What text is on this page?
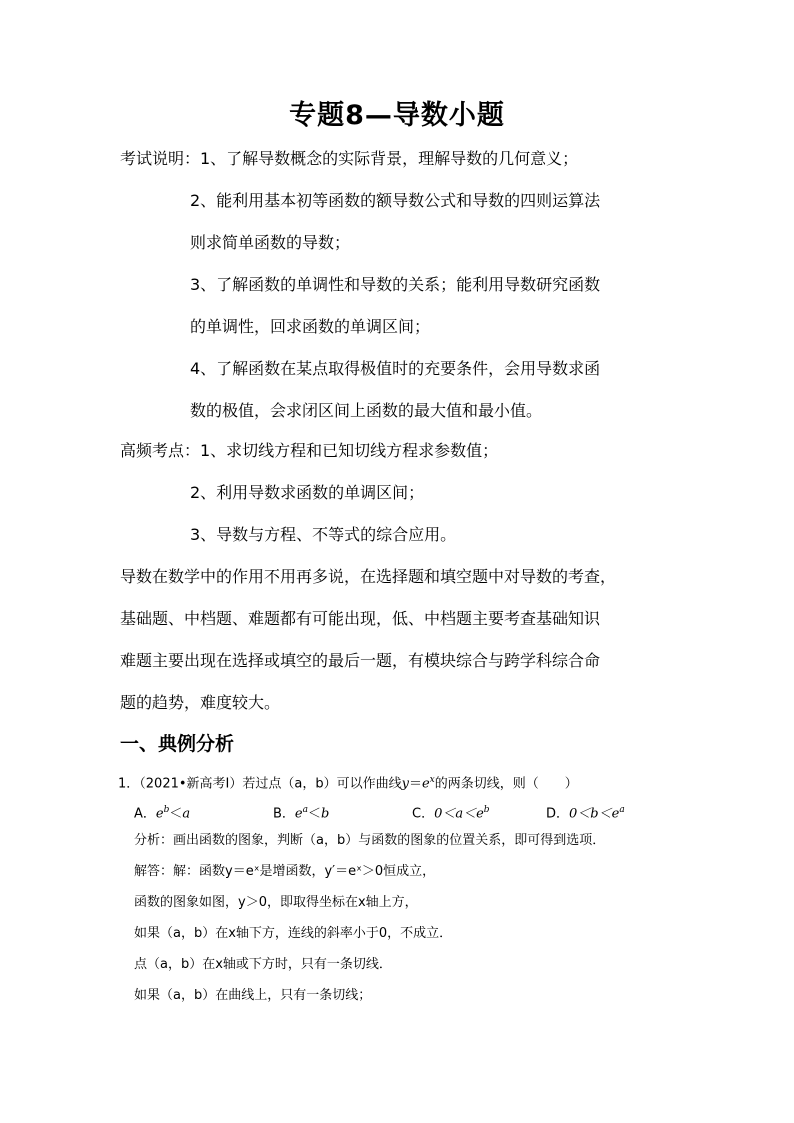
专题8—导数小题
考试说明：1、了解导数概念的实际背景，理解导数的几何意义；
2、能利用基本初等函数的额导数公式和导数的四则运算法
则求简单函数的导数；
3、了解函数的单调性和导数的关系；能利用导数研究函数
的单调性，回求函数的单调区间；
4、了解函数在某点取得极值时的充要条件，会用导数求函
数的极值，会求闭区间上函数的最大值和最小值。
高频考点：1、求切线方程和已知切线方程求参数值；
2、利用导数求函数的单调区间；
3、导数与方程、不等式的综合应用。
导数在数学中的作用不用再多说，在选择题和填空题中对导数的考查，
基础题、中档题、难题都有可能出现，低、中档题主要考查基础知识
难题主要出现在选择或填空的最后一题，有模块综合与跨学科综合命
题的趋势，难度较大。
一、典例分析
1．（2021•新高考Ⅰ）若过点（a，b）可以作曲线$y=e^x$的两条切线，则（　　）
A．$e^b<a$	B．$e^a<b$	C．$0<a<e^b$	D．$0<b<e^a$
分析：画出函数的图象，判断（a，b）与函数的图象的位置关系，即可得到选项．
解答：解：函数y＝eˣ是增函数，y′＝eˣ＞0恒成立，
函数的图象如图，y＞0，即取得坐标在x轴上方，
如果（a，b）在x轴下方，连线的斜率小于0，不成立．
点（a，b）在x轴或下方时，只有一条切线．
如果（a，b）在曲线上，只有一条切线；
